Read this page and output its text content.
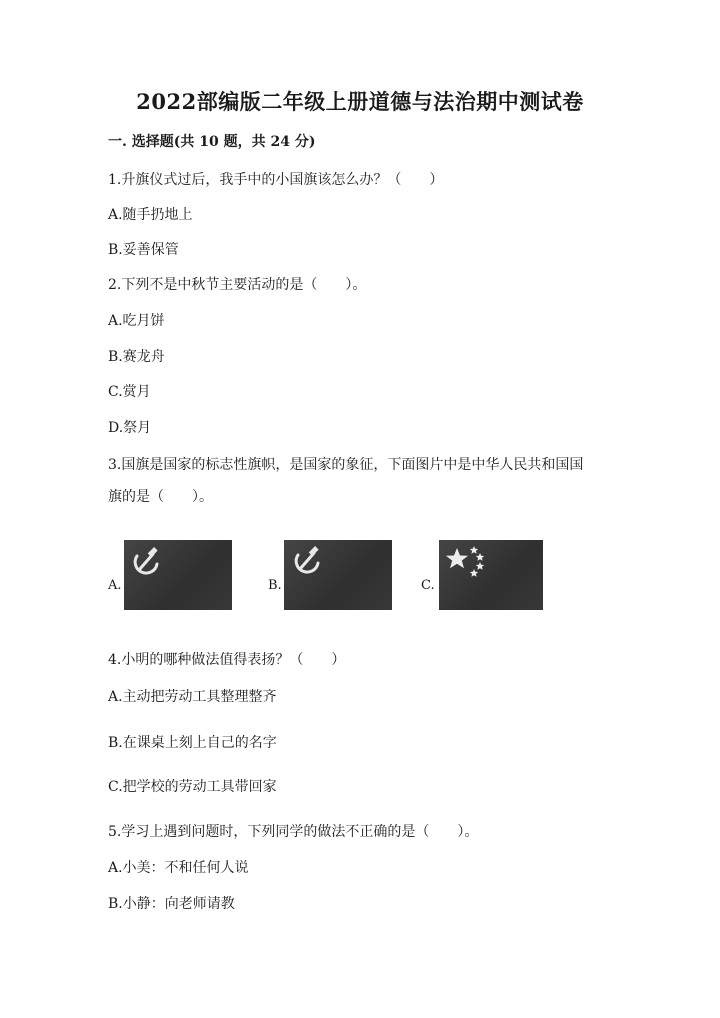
2022部编版二年级上册道德与法治期中测试卷
一. 选择题(共 10 题，共 24 分)
1.升旗仪式过后，我手中的小国旗该怎么办？（　　）
A.随手扔地上
B.妥善保管
2.下列不是中秋节主要活动的是（　　）。
A.吃月饼
B.赛龙舟
C.赏月
D.祭月
3.国旗是国家的标志性旗帜，是国家的象征，下面图片中是中华人民共和国国
旗的是（　　）。
A.	B.	C.
4.小明的哪种做法值得表扬？（　　）
A.主动把劳动工具整理整齐
B.在课桌上刻上自己的名字
C.把学校的劳动工具带回家
5.学习上遇到问题时，下列同学的做法不正确的是（　　）。
A.小美：不和任何人说
B.小静：向老师请教
